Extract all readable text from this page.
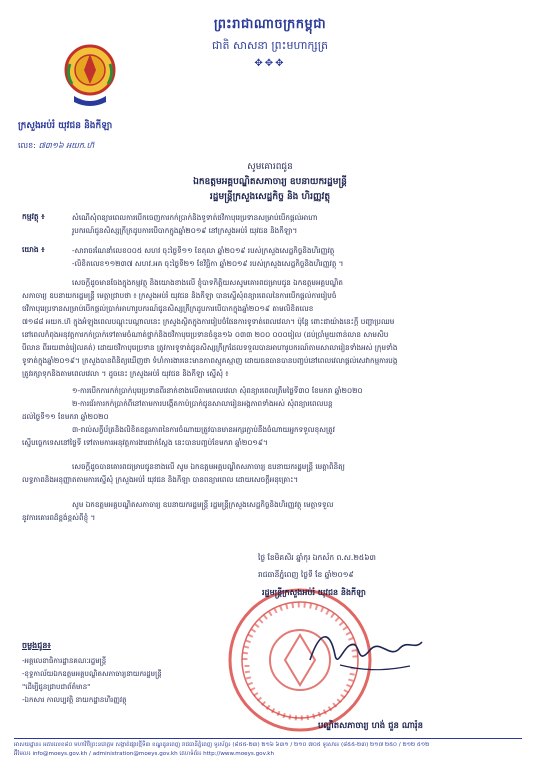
ព្រះរាជាណាចក្រកម្ពុជា
ជាតិ សាសនា ព្រះមហាក្សត្រ
✥✥✥
ក្រសួងអប់រំ យុវជន និងកីឡា
លេខ: ៧៣១៦ អយក.ហ៊
សូមគោរពជូន
ឯកឧត្តមអគ្គបណ្ឌិតសភាចារ្យ ឧបនាយករដ្ឋមន្ត្រី
រដ្ឋមន្ត្រីក្រសួងសេដ្ឋកិច្ច និង ហិរញ្ញវត្ថុ
កម្មវត្ថុ ៖	សំណើសុំពន្យារពេលការបើកចេញការកក់ប្រាក់និងទូទាត់ថវិកាបុរេប្រទានសម្រាប់បើកផ្តល់អាហា
រូបករណ៍ជូនសិស្សក្រីក្រដូបការបើបាកក្នុងឆ្នាំ២០១៩ នៅក្រសួងអប់រំ យុវជន និងកីឡា។
យោង ៖	-សារាចរណែនាំលេខ០០៥ សហវ ចុះថ្ងៃទី១១ ខែតុលា ឆ្នាំ២០១៩ របស់ក្រសួងសេដ្ឋកិច្ចនិងហិរញ្ញវត្ថុ
-លិខិតលេខ១១២៣៧ សហវ.អគ ចុះថ្ងៃទី២១ ខែវិច្ឆិកា ឆ្នាំ២០១៩ របស់ក្រសួងសេដ្ឋកិច្ចនិងហិរញ្ញវត្ថុ ។
សេចក្តីដូចមានចែងក្នុងកម្មវត្ថុ និងយោងខាងលើ ខ្ញុំបាទកិត្តិយសសូមគោរពជម្រាបជូន ឯកឧត្តមអគ្គបណ្ឌិត
សភាចារ្យ ឧបនាយករដ្ឋមន្ត្រី មេត្តាជ្រាបថា ៖ ក្រសួងអប់រំ យុវជន និងកីឡា បានស្នើសុំពន្យារពេលនៃការបើកផ្តល់ការរៀបចំ
ថវិកាបុរេប្រទានសម្រាប់បើកផ្តល់ប្រាក់អាហារូបករណ៍ជូនសិស្សក្រីក្រដូបការបើបាកក្នុងឆ្នាំ២០១៩ តាមលិខិតលេខ
៧១៨៨ អយក.ហ៊ ក្នុងអំឡុងពេលបណ្តុះបណ្តាលនេះ ក្រសួងស្ថិតក្នុងការរៀបចំផែនការទូទាត់ពេលវេលា។ ប៉ុន្តែ ពោះជាយ៉ាងនេះក្តី បញ្ហាប្រឈម
នៅពេលកំពុងអនុវត្តការកក់ប្រាក់ទៅតាមចំណាត់ថ្នាក់និងថវិកាបុរេប្រទានចំនួន១៦ ០៣៣ ២០០ ០០០រៀល (ដប់ប្រាំមួយពាន់លាន សាមសិប
បីលាន ពីររយពាន់រៀលគត់) ដោយថវិកាបុរេប្រទាន ត្រូវការទូទាត់ជូនសិស្សក្រីក្រដែលទទួលបានអាហារូបករណ៍តាមសាលារៀនទាំងអស់ ក្រុមទាំង
ទូទាត់ក្នុងឆ្នាំ២០១៩។ ក្រសួងបានពិនិត្យឃើញថា ទំហំការងារនេះមានភាពស្មុគស្មាញ ដោយធនធានបានបញ្ចប់នៅពេលវេលាផ្តល់សេវាកម្មការបង្ក
ត្រូវរក្សាទុកនិងតាមពេលវេលា ។ ដូចនេះ ក្រសួងអប់រំ យុវជន និងកីឡា ស្នើសុំ ៖
១-ការបើកការកក់ប្រាក់បុរេប្រទានពីរនាក់ខាងលើតាមពេលវេលា សុំពន្យារពេលត្រឹមថ្ងៃទី៣០ ខែមករា ឆ្នាំ២០២០
២-ការជ័រការកក់ប្រាក់ពីនៅតាមការបង្កើតកាប៉ប្រាក់ជូនសាលារៀនអង្កភាពទាំងអស់ សុំពន្យារពេលបន្ត
ដល់ថ្ងៃទី១១ ខែមករា ឆ្នាំ២០២០
៣-រាល់សក្ខីប័ត្រនិងលិខិតឧត្តរភាពនៃការចំណាយត្រូវបានមានអក្សរភ្ជាប់នឹងចំណាយអ្នកទទួលខុសត្រូវ
ស្នើបច្ចេកទេសនៅថ្ងៃទី ទៅតាមការអនុវត្តការងារជាក់ស្តែង នេះបានបញ្ចប់ខែមករា ឆ្នាំ២០១៩។
សេចក្តីដូចបានគោរពជម្រាបជូនខាងលើ សូម ឯកឧត្តមអគ្គបណ្ឌិតសភាចារ្យ ឧបនាយករដ្ឋមន្ត្រី មេត្តាពិនិត្យ
លទ្ធភាពនិងអនុញ្ញាតតាមការស្នើសុំ ក្រសួងអប់រំ យុវជន និងកីឡា បានពន្យារពេល ដោយសេចក្តីអនុគ្រោះ។
សូម ឯកឧត្តមអគ្គបណ្ឌិតសភាចារ្យ ឧបនាយករដ្ឋមន្ត្រី រដ្ឋមន្ត្រីក្រសួងសេដ្ឋកិច្ចនិងហិរញ្ញវត្ថុ មេត្តាទទួល
នូវការគោរពដ៏ខ្ពង់ខ្ពស់ពីខ្ញុំ ។
ថ្ងៃ ខែមិគសិរ ឆ្នាំកុរ ឯកស័ក ព.ស.២៥៦៣
រាជធានីភ្នំពេញ ថ្ងៃទី ខែ ឆ្នាំ២០១៩
រដ្ឋមន្ត្រីក្រសួងអប់រំ យុវជន និងកីឡា
បណ្ឌិតសភាចារ្យ ហង់ ជួន ណារ៉ុន
ចម្លងជូន៖
-អគ្គលេខាធិការដ្ឋានគណៈរដ្ឋមន្ត្រី
-ខុទ្ទកាល័យឯកឧត្តមអគ្គបណ្ឌិតសភាចារ្យនាយករដ្ឋមន្ត្រី
"ដើម្បីជូនជ្រាបជាព័ត៌មាន"
-ឯកសារ កាលប្បវត្តិ នាយកដ្ឋានហិរញ្ញវត្ថុ
អាសយដ្ឋាន៖ អគារលេខ៨០ មហាវិថីព្រះនរោត្តម សង្កាត់ផ្សារថ្មីទី៣ ខណ្ឌដូនពេញ រាជធានីភ្នំពេញ ទូរស័ព្ទ៖ (៨៥៥-២៣) ២១៦ ៦៣១ / ២១០ ៧០៥ ទូរសារ៖ (៨៥៥-២៣) ២១៧ ២៥០ / ២១២ ៥១២
អ៊ីមែល៖ info@moeys.gov.kh / administration@moeys.gov.kh គេហទំព័រ៖ http://www.moeys.gov.kh
